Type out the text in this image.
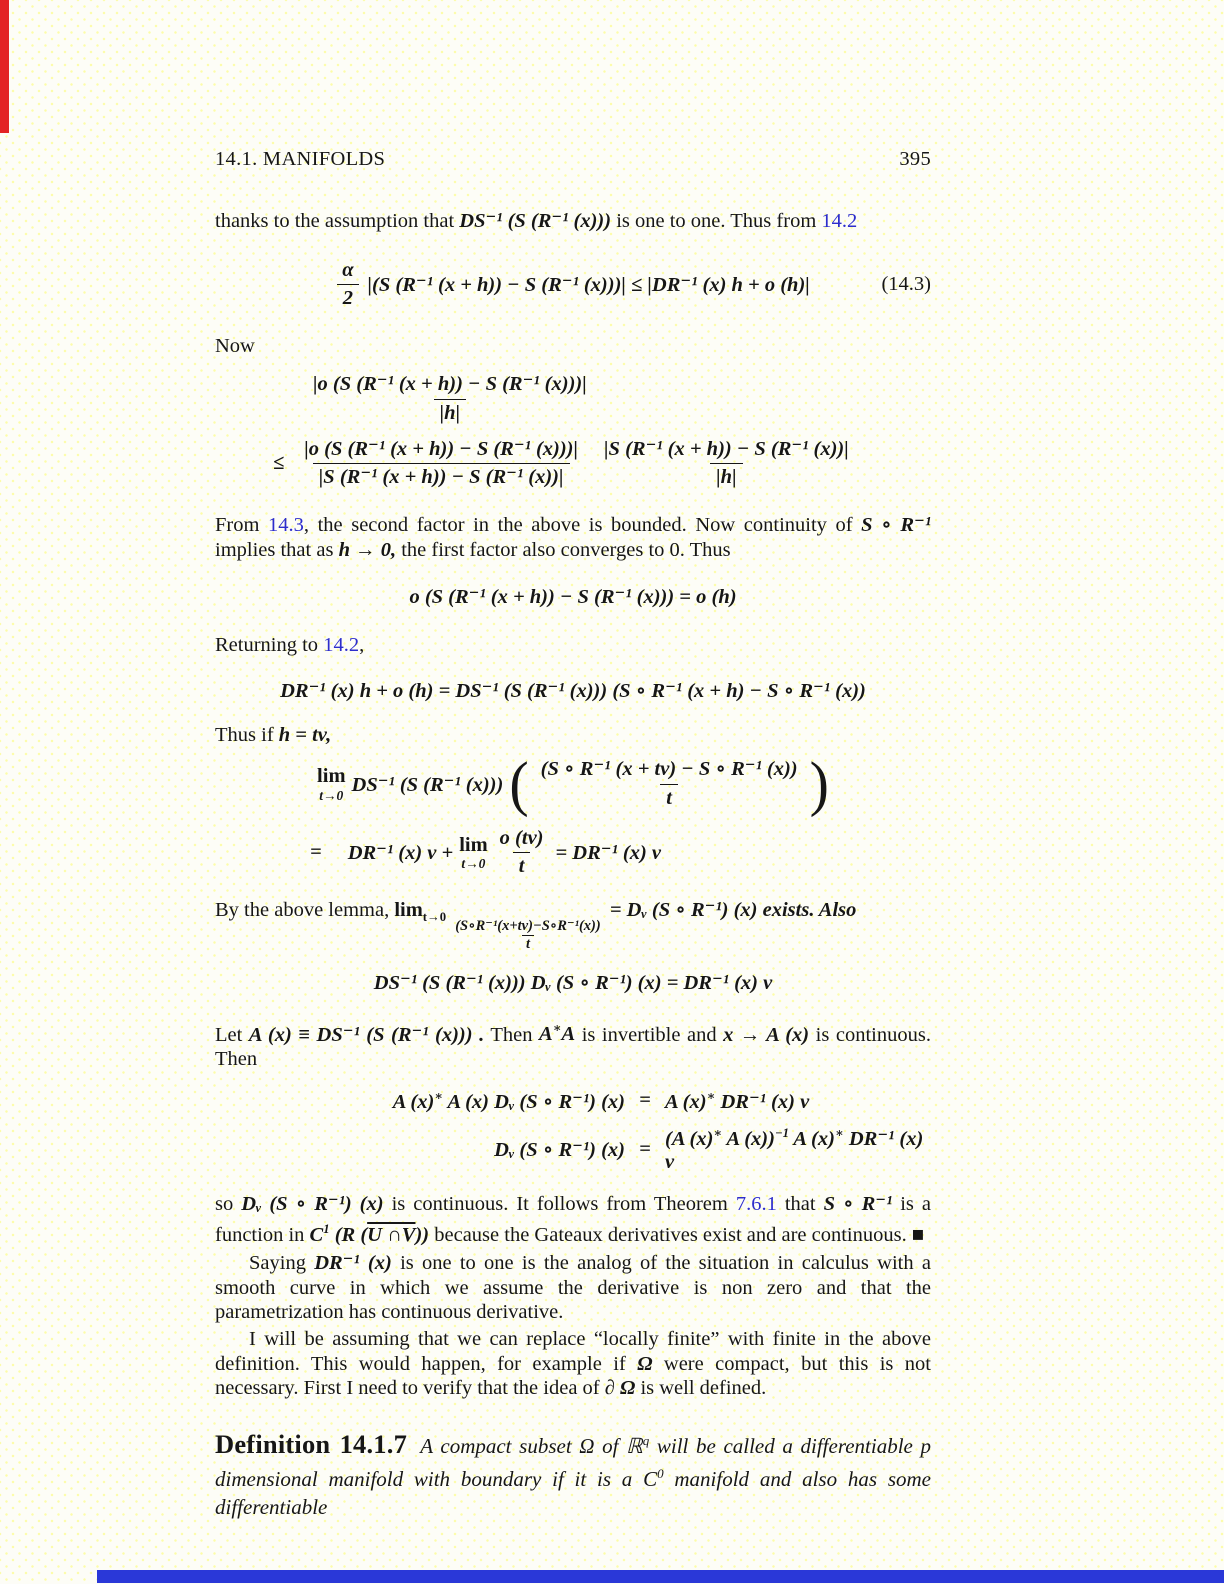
14.1. MANIFOLDS	395

thanks to the assumption that DS⁻¹ (S (R⁻¹ (x))) is one to one. Thus from 14.2

$\frac{\alpha}{2} |(S$ (R⁻¹ (x + h)) − S (R⁻¹ (x)))| ≤ |DR⁻¹ (x) h + o (h)|	(14.3)

Now

$\frac{\text{|o (S (R⁻¹ (x + h)) − S (R⁻¹ (x)))|}}{|h|}$
≤ $\frac{\text{|o (S (R⁻¹ (x + h)) − S (R⁻¹ (x)))|}}{\text{|S (R⁻¹ (x + h)) − S (R⁻¹ (x))|}} \frac{\text{|S (R⁻¹ (x + h)) − S (R⁻¹ (x))|}}{|h|}$

From 14.3, the second factor in the above is bounded. Now continuity of S ∘ R⁻¹ implies that as h → 0, the first factor also converges to 0. Thus

o (S (R⁻¹ (x + h)) − S (R⁻¹ (x))) = o (h)

Returning to 14.2,

DR⁻¹ (x) h + o (h) = DS⁻¹ (S (R⁻¹ (x))) (S ∘ R⁻¹ (x + h) − S ∘ R⁻¹ (x))

Thus if h = tv,

lim
t→0 DS⁻¹ (S (R⁻¹ (x))) ( $\frac{\text{(S ∘ R⁻¹ (x + tv) − S ∘ R⁻¹ (x))}}{t}$ )
= DR⁻¹ (x) v + lim
$t\to 0 \frac{o (tv)}{t} = DR^{-1}$ (x) v

By the above lemma, $\lim_{t\to 0}$
$\frac{\text{(S∘R⁻¹(x+tv)−S∘R⁻¹(x))}}{t}$
= Dᵥ (S ∘ R⁻¹) (x) exists. Also

DS⁻¹ (S (R⁻¹ (x))) Dᵥ (S ∘ R⁻¹) (x) = DR⁻¹ (x) v

Let A (x) ≡ DS⁻¹ (S (R⁻¹ (x))) . Then A∗A is invertible and x → A (x) is continuous. Then

A (x)∗ A (x) Dᵥ (S ∘ R⁻¹) (x) = A (x)∗ DR⁻¹ (x) v
Dᵥ (S ∘ R⁻¹) (x) = (A (x)∗ A (x))$^{-1}$ A (x)∗ DR⁻¹ (x) v

so Dᵥ (S ∘ R⁻¹) (x) is continuous. It follows from Theorem 7.6.1 that S ∘ R⁻¹ is a function in $C^1$ (R (U ∩V)) because the Gateaux derivatives exist and are continuous. ■

Saying DR⁻¹ (x) is one to one is the analog of the situation in calculus with a smooth curve in which we assume the derivative is non zero and that the parametrization has continuous derivative.

I will be assuming that we can replace “locally finite” with finite in the above definition. This would happen, for example if Ω were compact, but this is not necessary. First I need to verify that the idea of ∂ Ω is well defined.

Definition 14.1.7 A compact subset Ω of ℝ$^q$ will be called a differentiable p dimensional manifold with boundary if it is a $C^0$ manifold and also has some differentiable
